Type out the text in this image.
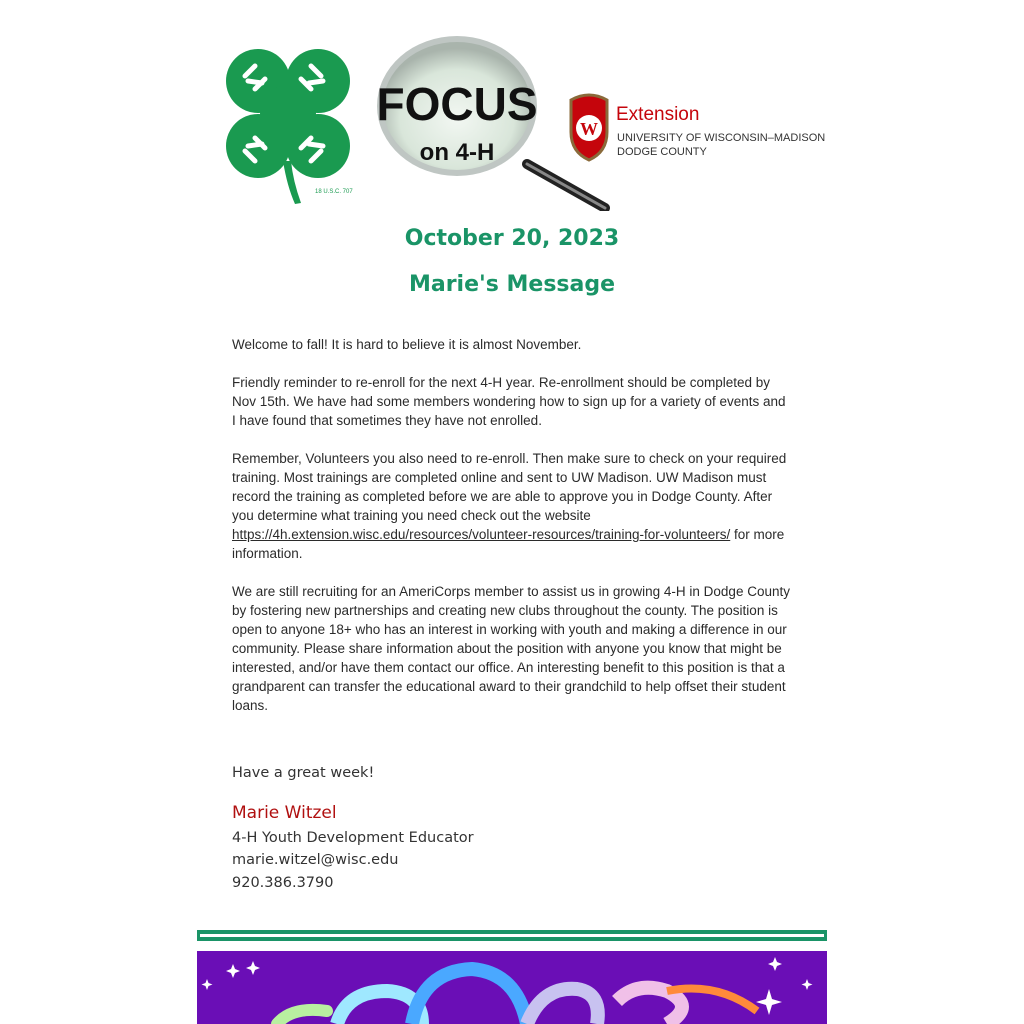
18 U.S.C. 707
FOCUS
on 4-H
W
Extension
UNIVERSITY OF WISCONSIN–MADISON
DODGE COUNTY
October 20, 2023
Marie's Message

Welcome to fall! It is hard to believe it is almost November.

Friendly reminder to re-enroll for the next 4-H year. Re-enrollment should be completed by Nov 15th. We have had some members wondering how to sign up for a variety of events and I have found that sometimes they have not enrolled.

Remember, Volunteers you also need to re-enroll. Then make sure to check on your required training. Most trainings are completed online and sent to UW Madison. UW Madison must record the training as completed before we are able to approve you in Dodge County. After you determine what training you need check out the website https://4h.extension.wisc.edu/resources/volunteer-resources/training-for-volunteers/ for more information.

We are still recruiting for an AmeriCorps member to assist us in growing 4-H in Dodge County by fostering new partnerships and creating new clubs throughout the county. The position is open to anyone 18+ who has an interest in working with youth and making a difference in our community. Please share information about the position with anyone you know that might be interested, and/or have them contact our office. An interesting benefit to this position is that a grandparent can transfer the educational award to their grandchild to help offset their student loans.

Have a great week!
Marie Witzel
4-H Youth Development Educator
marie.witzel@wisc.edu
920.386.3790
